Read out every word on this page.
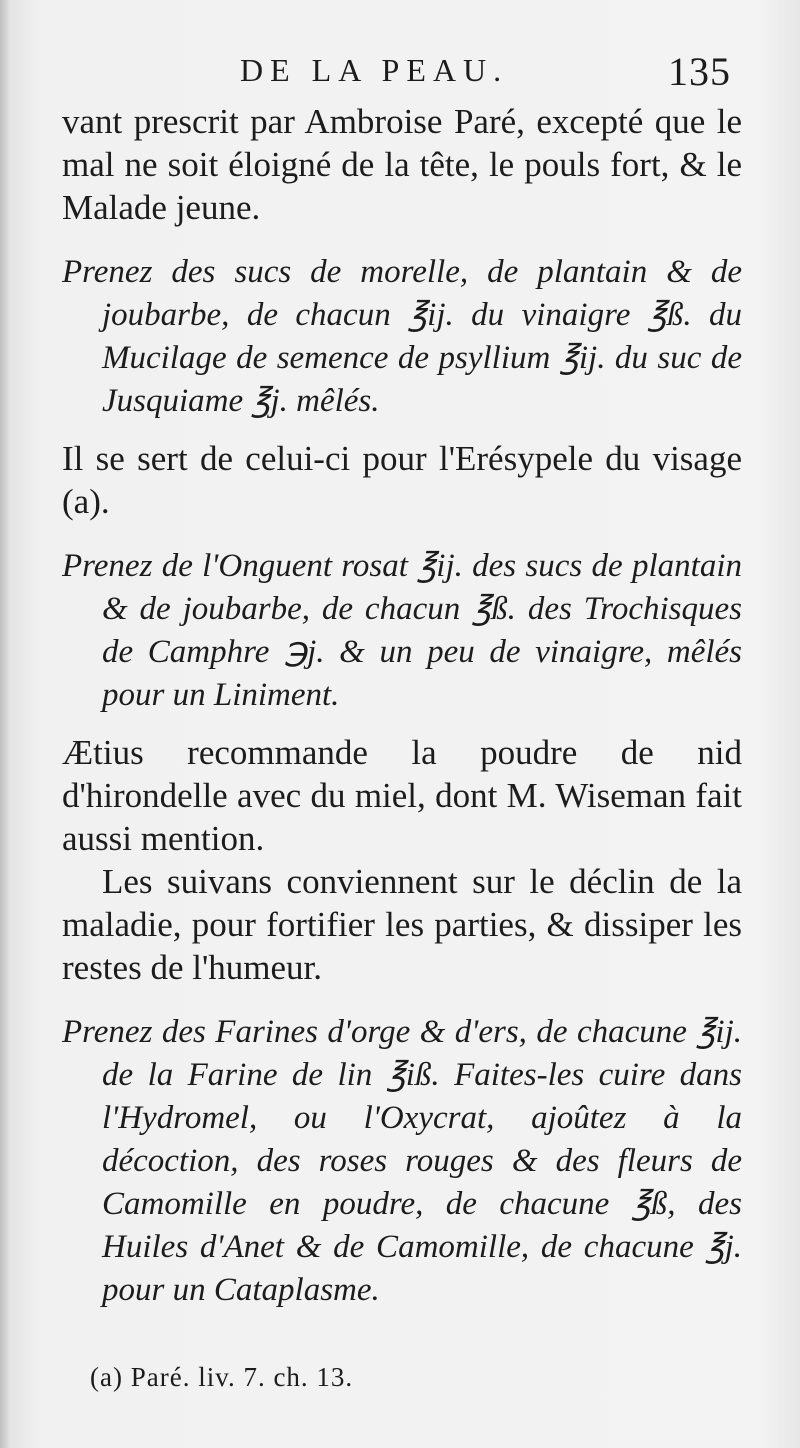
DE LA PEAU.	135

vant prescrit par Ambroise Paré, excepté que le mal ne soit éloigné de la tête, le pouls fort, & le Malade jeune.

Prenez des sucs de morelle, de plantain & de joubarbe, de chacun ℥ij. du vinaigre ℥ß. du Mucilage de semence de psyllium ℥ij. du suc de Jusquiame ℥j. mêlés.

Il se sert de celui-ci pour l'Erésypele du visage (a).

Prenez de l'Onguent rosat ℥ij. des sucs de plantain & de joubarbe, de chacun ℥ß. des Trochisques de Camphre ℈j. & un peu de vinaigre, mêlés pour un Liniment.

Ætius recommande la poudre de nid d'hirondelle avec du miel, dont M. Wiseman fait aussi mention.

Les suivans conviennent sur le déclin de la maladie, pour fortifier les parties, & dissiper les restes de l'humeur.

Prenez des Farines d'orge & d'ers, de chacune ℥ij. de la Farine de lin ℥iß. Faites-les cuire dans l'Hydromel, ou l'Oxycrat, ajoûtez à la décoction, des roses rouges & des fleurs de Camomille en poudre, de chacune ℥ß, des Huiles d'Anet & de Camomille, de chacune ℥j. pour un Cataplasme.

(a) Paré. liv. 7. ch. 13.
